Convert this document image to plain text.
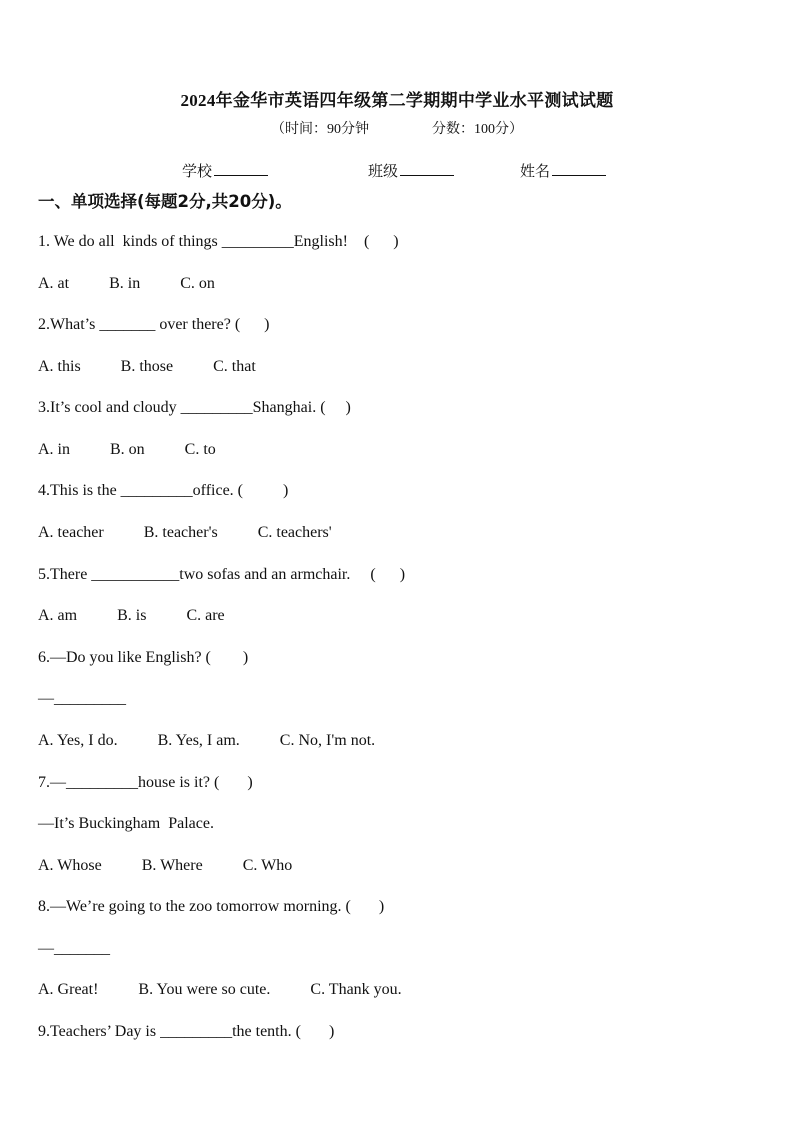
2024年金华市英语四年级第二学期期中学业水平测试试题
（时间：90分钟                  分数：100分）
学校	班级	姓名
一、单项选择(每题2分,共20分)。
1. We do all  kinds of things _________English!    (      )
A. at          B. in          C. on
2.What’s _______ over there? (      )
A. this          B. those          C. that
3.It’s cool and cloudy _________Shanghai. (     )
A. in          B. on          C. to
4.This is the _________office. (          )
A. teacher          B. teacher's          C. teachers'
5.There ___________two sofas and an armchair.     (      )
A. am          B. is          C. are
6.—Do you like English? (        )
—_________
A. Yes, I do.          B. Yes, I am.          C. No, I'm not.
7.—_________house is it? (       )
—It’s Buckingham  Palace.
A. Whose          B. Where          C. Who
8.—We’re going to the zoo tomorrow morning. (       )
—_______
A. Great!          B. You were so cute.          C. Thank you.
9.Teachers’ Day is _________the tenth. (       )
